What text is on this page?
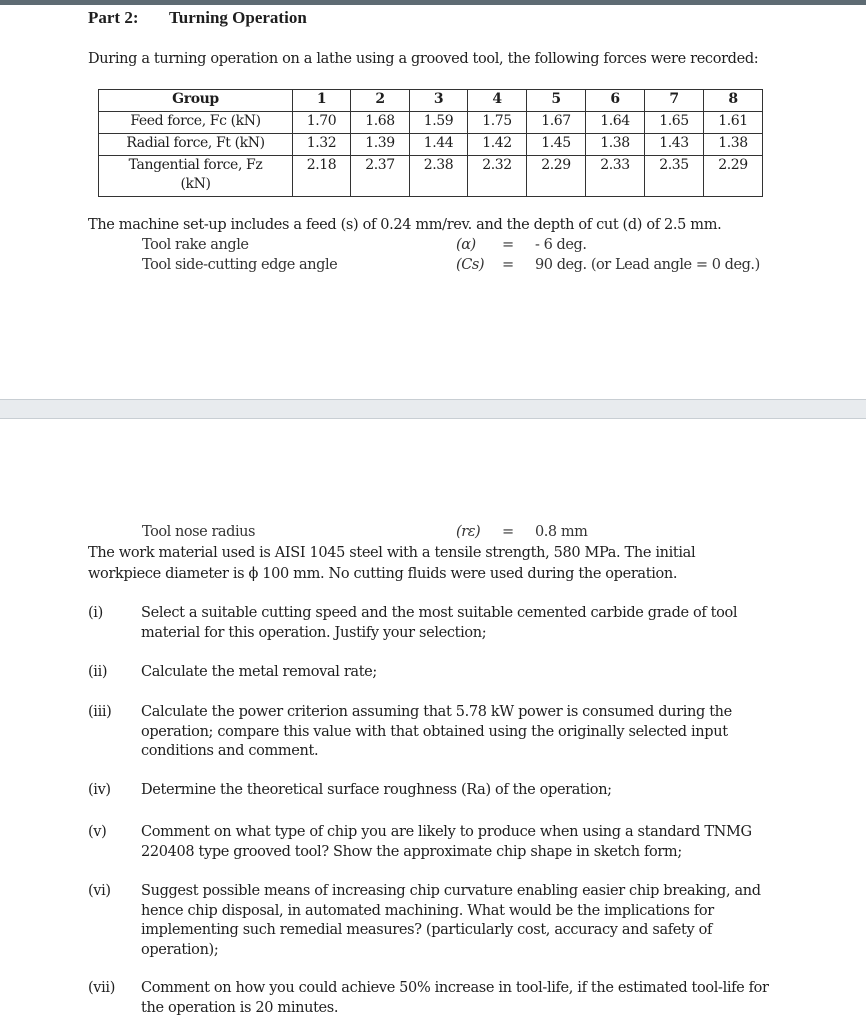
Part 2: Turning Operation
During a turning operation on a lathe using a grooved tool, the following forces were recorded:
Group	1	2	3	4	5	6	7	8
Feed force, Fc (kN)	1.70	1.68	1.59	1.75	1.67	1.64	1.65	1.61
Radial force, Ft (kN)	1.32	1.39	1.44	1.42	1.45	1.38	1.43	1.38
Tangential force, Fz (kN)	2.18	2.37	2.38	2.32	2.29	2.33	2.35	2.29
The machine set-up includes a feed (s) of 0.24 mm/rev. and the depth of cut (d) of 2.5 mm.
Tool rake angle	(α) = - 6 deg.
Tool side-cutting edge angle	(Cs) = 90 deg. (or Lead angle = 0 deg.)
Tool nose radius	(rε) = 0.8 mm
The work material used is AISI 1045 steel with a tensile strength, 580 MPa. The initial
workpiece diameter is ϕ 100 mm. No cutting fluids were used during the operation.
(i)	Select a suitable cutting speed and the most suitable cemented carbide grade of tool material for this operation. Justify your selection;
(ii)	Calculate the metal removal rate;
(iii)	Calculate the power criterion assuming that 5.78 kW power is consumed during the operation; compare this value with that obtained using the originally selected input conditions and comment.
(iv)	Determine the theoretical surface roughness (Ra) of the operation;
(v)	Comment on what type of chip you are likely to produce when using a standard TNMG 220408 type grooved tool? Show the approximate chip shape in sketch form;
(vi)	Suggest possible means of increasing chip curvature enabling easier chip breaking, and hence chip disposal, in automated machining. What would be the implications for implementing such remedial measures? (particularly cost, accuracy and safety of operation);
(vii)	Comment on how you could achieve 50% increase in tool-life, if the estimated tool-life for the operation is 20 minutes.
